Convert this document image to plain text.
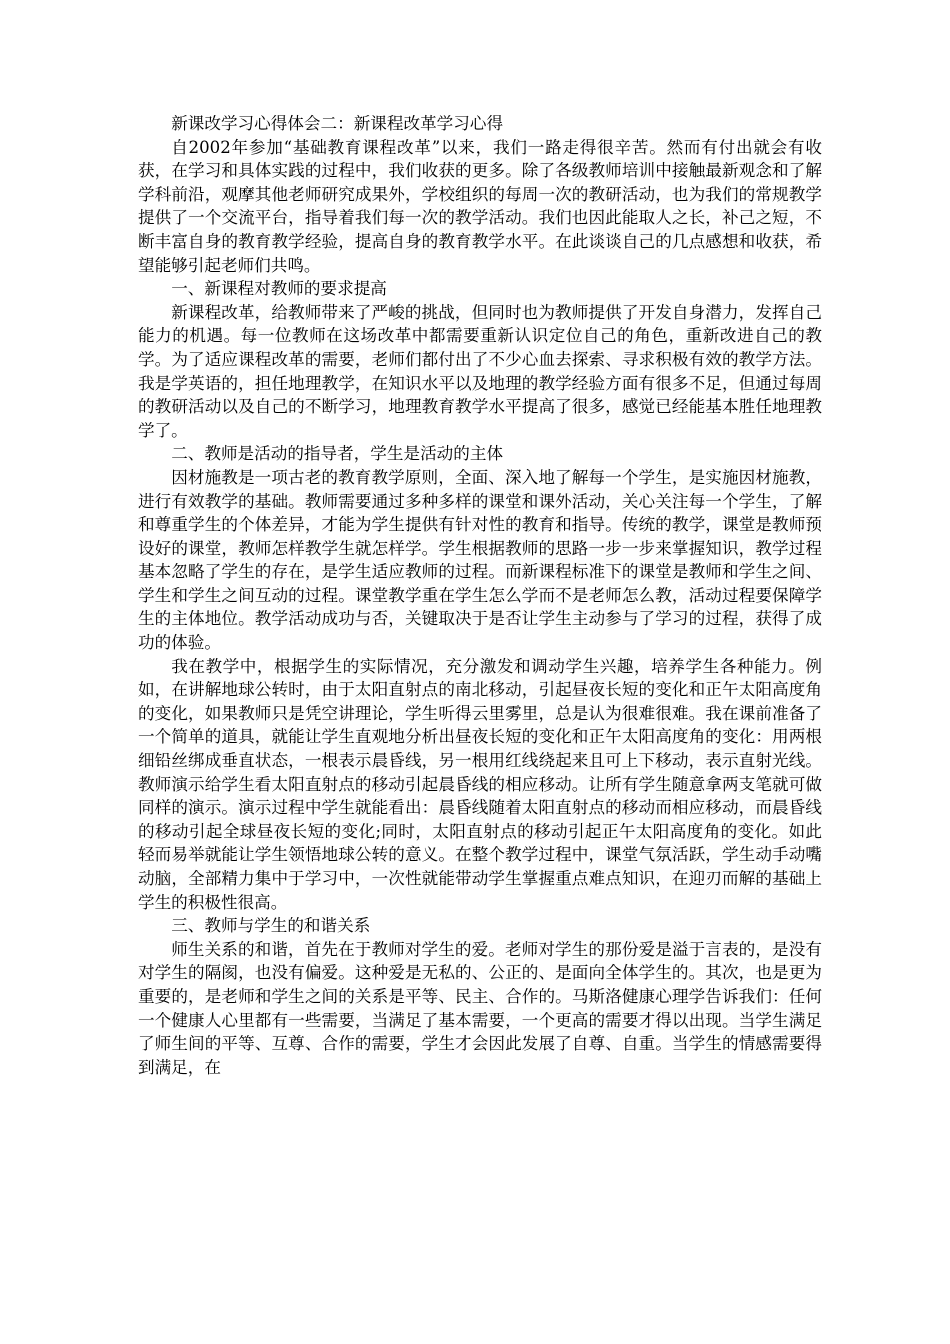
新课改学习心得体会二：新课程改革学习心得

自2002年参加“基础教育课程改革”以来，我们一路走得很辛苦。然而有付出就会有收获，在学习和具体实践的过程中，我们收获的更多。除了各级教师培训中接触最新观念和了解学科前沿，观摩其他老师研究成果外，学校组织的每周一次的教研活动，也为我们的常规教学提供了一个交流平台，指导着我们每一次的教学活动。我们也因此能取人之长，补己之短，不断丰富自身的教育教学经验，提高自身的教育教学水平。在此谈谈自己的几点感想和收获，希望能够引起老师们共鸣。

一、新课程对教师的要求提高

新课程改革，给教师带来了严峻的挑战，但同时也为教师提供了开发自身潜力，发挥自己能力的机遇。每一位教师在这场改革中都需要重新认识定位自己的角色，重新改进自己的教学。为了适应课程改革的需要，老师们都付出了不少心血去探索、寻求积极有效的教学方法。我是学英语的，担任地理教学，在知识水平以及地理的教学经验方面有很多不足，但通过每周的教研活动以及自己的不断学习，地理教育教学水平提高了很多，感觉已经能基本胜任地理教学了。

二、教师是活动的指导者，学生是活动的主体

因材施教是一项古老的教育教学原则，全面、深入地了解每一个学生，是实施因材施教，进行有效教学的基础。教师需要通过多种多样的课堂和课外活动，关心关注每一个学生，了解和尊重学生的个体差异，才能为学生提供有针对性的教育和指导。传统的教学，课堂是教师预设好的课堂，教师怎样教学生就怎样学。学生根据教师的思路一步一步来掌握知识，教学过程基本忽略了学生的存在，是学生适应教师的过程。而新课程标准下的课堂是教师和学生之间、学生和学生之间互动的过程。课堂教学重在学生怎么学而不是老师怎么教，活动过程要保障学生的主体地位。教学活动成功与否，关键取决于是否让学生主动参与了学习的过程，获得了成功的体验。

我在教学中，根据学生的实际情况，充分激发和调动学生兴趣，培养学生各种能力。例如，在讲解地球公转时，由于太阳直射点的南北移动，引起昼夜长短的变化和正午太阳高度角的变化，如果教师只是凭空讲理论，学生听得云里雾里，总是认为很难很难。我在课前准备了一个简单的道具，就能让学生直观地分析出昼夜长短的变化和正午太阳高度角的变化：用两根细铅丝绑成垂直状态，一根表示晨昏线，另一根用红线绕起来且可上下移动，表示直射光线。教师演示给学生看太阳直射点的移动引起晨昏线的相应移动。让所有学生随意拿两支笔就可做同样的演示。演示过程中学生就能看出：晨昏线随着太阳直射点的移动而相应移动，而晨昏线的移动引起全球昼夜长短的变化;同时，太阳直射点的移动引起正午太阳高度角的变化。如此轻而易举就能让学生领悟地球公转的意义。在整个教学过程中，课堂气氛活跃，学生动手动嘴动脑，全部精力集中于学习中，一次性就能带动学生掌握重点难点知识，在迎刃而解的基础上学生的积极性很高。

三、教师与学生的和谐关系

师生关系的和谐，首先在于教师对学生的爱。老师对学生的那份爱是溢于言表的，是没有对学生的隔阂，也没有偏爱。这种爱是无私的、公正的、是面向全体学生的。其次，也是更为重要的，是老师和学生之间的关系是平等、民主、合作的。马斯洛健康心理学告诉我们：任何一个健康人心里都有一些需要，当满足了基本需要，一个更高的需要才得以出现。当学生满足了师生间的平等、互尊、合作的需要，学生才会因此发展了自尊、自重。当学生的情感需要得到满足，在
